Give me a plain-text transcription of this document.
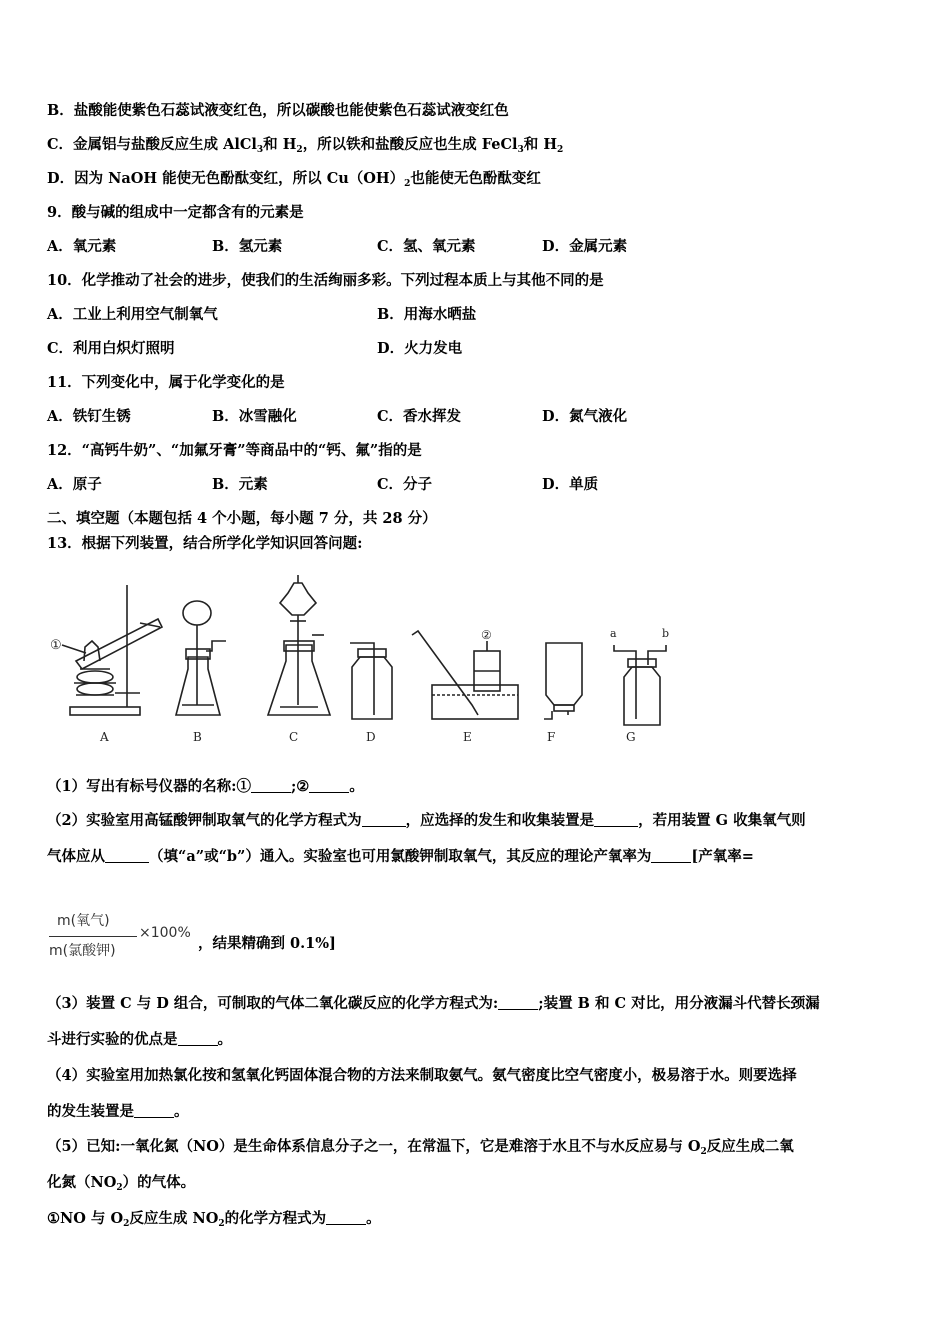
B．盐酸能使紫色石蕊试液变红色，所以碳酸也能使紫色石蕊试液变红色
C．金属铝与盐酸反应生成 AlCl$_3$和 $H_2$，所以铁和盐酸反应也生成 FeCl$_3$和 $H_2$
D．因为 NaOH 能使无色酚酞变红，所以 $Cu(OH)_2$也能使无色酚酞变红
9．酸与碱的组成中一定都含有的元素是
A．氧元素	B．氢元素	C．氢、氧元素	D．金属元素
10．化学推动了社会的进步，使我们的生活绚丽多彩。下列过程本质上与其他不同的是
A．工业上利用空气制氧气	B．用海水晒盐
C．利用白炽灯照明	D．火力发电
11．下列变化中，属于化学变化的是
A．铁钉生锈	B．冰雪融化	C．香水挥发	D．氮气液化
12．“高钙牛奶”、“加氟牙膏”等商品中的“钙、氟”指的是
A．原子	B．元素	C．分子	D．单质
二、填空题（本题包括 4 个小题，每小题 7 分，共 28 分）
13．根据下列装置，结合所学化学知识回答问题:
①
②	a	b
A	B	C	D	E	F	G
（1）写出有标号仪器的名称:①	;②	。
（2）实验室用高锰酸钾制取氧气的化学方程式为	，应选择的发生和收集装置是	，若用装置 G 收集氧气则
气体应从	（填“a”或“b”）通入。实验室也可用氯酸钾制取氧气，其反应的理论产氧率为	[产氧率=
m(氧气)
m(氯酸钾)
×100%
，结果精确到 0.1%]
（3）装置 C 与 D 组合，可制取的气体二氧化碳反应的化学方程式为:	;装置 B 和 C 对比，用分液漏斗代替长颈漏
斗进行实验的优点是	。
（4）实验室用加热氯化按和氢氧化钙固体混合物的方法来制取氨气。氨气密度比空气密度小，极易溶于水。则要选择
的发生装置是	。
（5）已知:一氧化氮（NO）是生命体系信息分子之一，在常温下，它是难溶于水且不与水反应易与 $O_2$反应生成二氧
化氮$(NO_2)$的气体。
①NO 与 $O_2$反应生成 $NO_2$的化学方程式为	。
